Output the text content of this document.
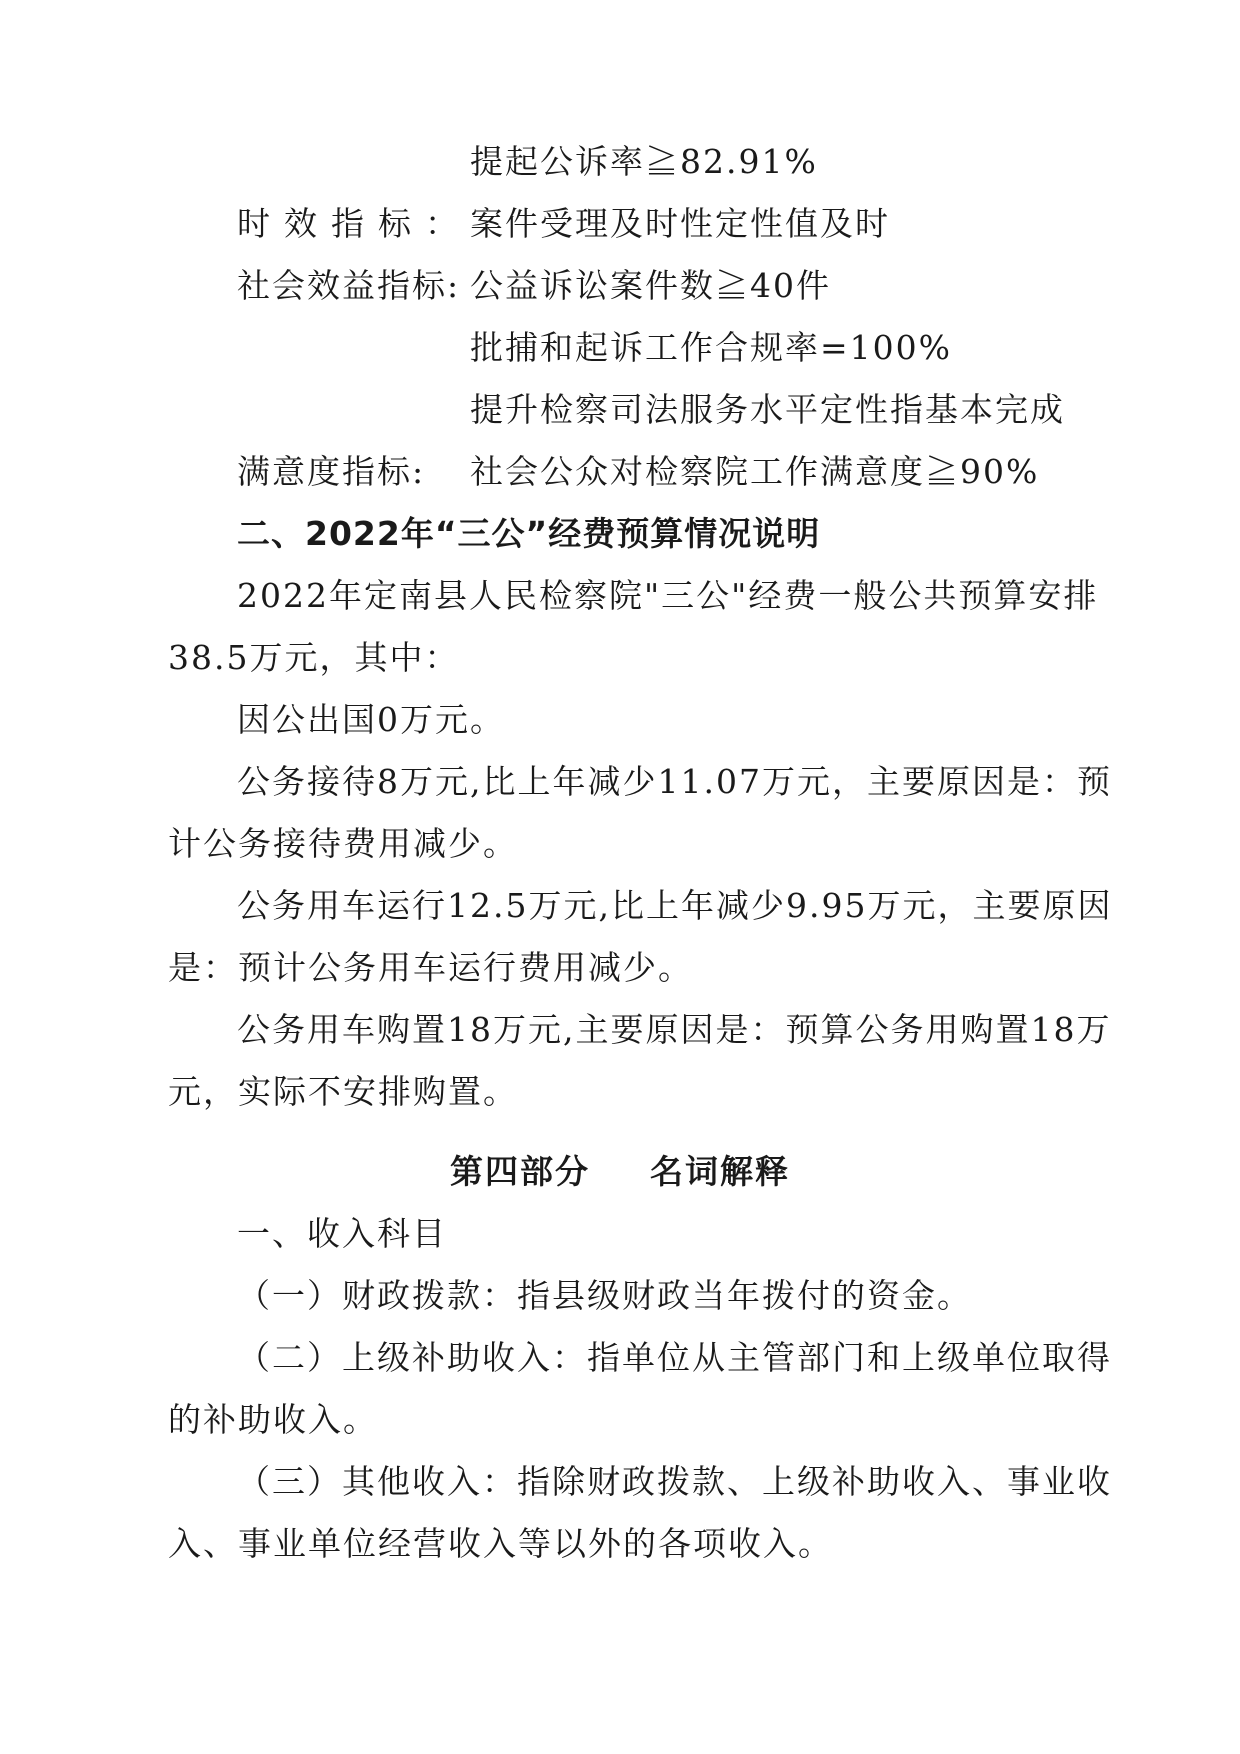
提起公诉率≧82.91%
时效指标：
案件受理及时性定性值及时
社会效益指标: 公益诉讼案件数≧40件
批捕和起诉工作合规率=100%
提升检察司法服务水平定性指基本完成
满意度指标: 社会公众对检察院工作满意度≧90%
二、2022年“三公”经费预算情况说明
2022年定南县人民检察院"三公"经费一般公共预算安排
38.5万元，其中：
因公出国0万元。
公务接待8万元,比上年减少11.07万元，主要原因是：预
计公务接待费用减少。
公务用车运行12.5万元,比上年减少9.95万元，主要原因
是：预计公务用车运行费用减少。
公务用车购置18万元,主要原因是：预算公务用购置18万
元，实际不安排购置。
第四部分 名词解释
一、收入科目
（一）财政拨款：指县级财政当年拨付的资金。
（二）上级补助收入：指单位从主管部门和上级单位取得
的补助收入。
（三）其他收入：指除财政拨款、上级补助收入、事业收
入、事业单位经营收入等以外的各项收入。
